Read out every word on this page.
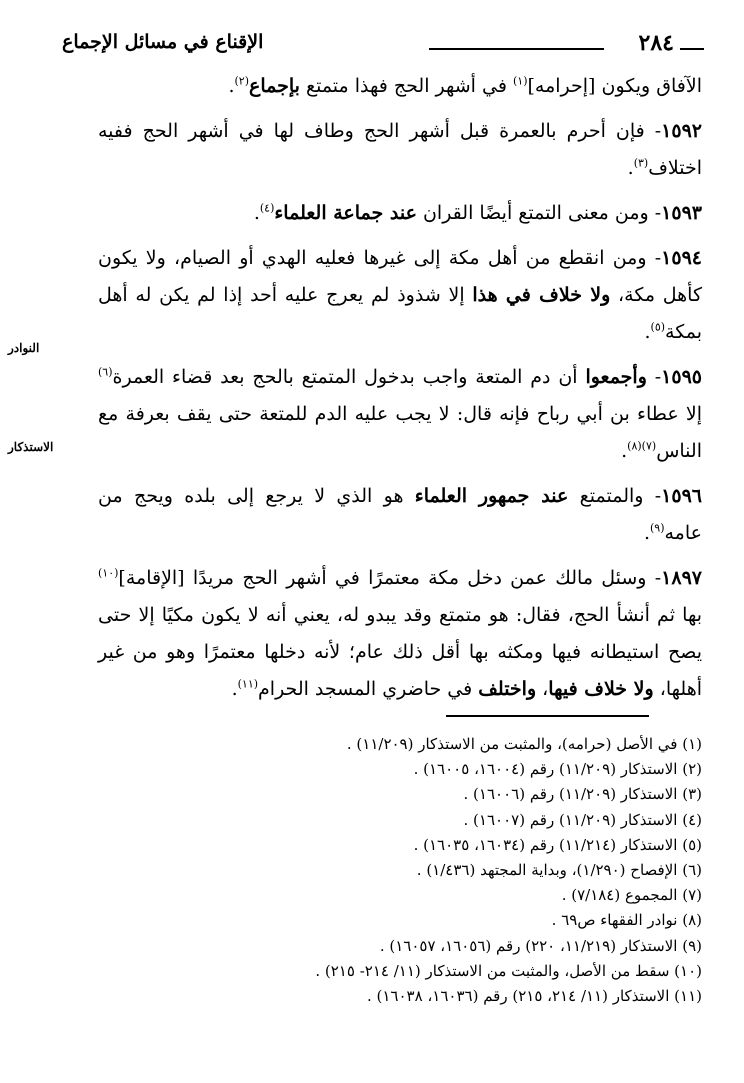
٢٨٤
الإقناع في مسائل الإجماع
النوادر
الاستذكار

الآفاق ويكون [إحرامه]$^{(١)}$ في أشهر الحج فهذا متمتع بإجماع$^{(٢)}$.

١٥٩٢- فإن أحرم بالعمرة قبل أشهر الحج وطاف لها في أشهر الحج ففيه اختلاف$^{(٣)}$.

١٥٩٣- ومن معنى التمتع أيضًا القران عند جماعة العلماء$^{(٤)}$.

١٥٩٤- ومن انقطع من أهل مكة إلى غيرها فعليه الهدي أو الصيام، ولا يكون كأهل مكة، ولا خلاف في هذا إلا شذوذ لم يعرج عليه أحد إذا لم يكن له أهل بمكة$^{(٥)}$.

١٥٩٥- وأجمعوا أن دم المتعة واجب بدخول المتمتع بالحج بعد قضاء العمرة$^{(٦)}$ إلا عطاء بن أبي رباح فإنه قال: لا يجب عليه الدم للمتعة حتى يقف بعرفة مع الناس$^{(٧)(٨)}$.

١٥٩٦- والمتمتع عند جمهور العلماء هو الذي لا يرجع إلى بلده ويحج من عامه$^{(٩)}$.

١٨٩٧- وسئل مالك عمن دخل مكة معتمرًا في أشهر الحج مريدًا [الإقامة]$^{(١٠)}$ بها ثم أنشأ الحج، فقال: هو متمتع وقد يبدو له، يعني أنه لا يكون مكيًا إلا حتى يصح استيطانه فيها ومكثه بها أقل ذلك عام؛ لأنه دخلها معتمرًا وهو من غير أهلها، ولا خلاف فيها، واختلف في حاضري المسجد الحرام$^{(١١)}$.

(١) في الأصل (حرامه)، والمثبت من الاستذكار (١١/٢٠٩) .
(٢) الاستذكار (١١/٢٠٩) رقم (١٦٠٠٤، ١٦٠٠٥) .
(٣) الاستذكار (١١/٢٠٩) رقم (١٦٠٠٦) .
(٤) الاستذكار (١١/٢٠٩) رقم (١٦٠٠٧) .
(٥) الاستذكار (١١/٢١٤) رقم (١٦٠٣٤، ١٦٠٣٥) .
(٦) الإفصاح (١/٢٩٠)، وبداية المجتهد (١/٤٣٦) .
(٧) المجموع (٧/١٨٤) .
(٨) نوادر الفقهاء ص٦٩ .
(٩) الاستذكار (١١/٢١٩، ٢٢٠) رقم (١٦٠٥٦، ١٦٠٥٧) .
(١٠) سقط من الأصل، والمثبت من الاستذكار (١١/ ٢١٤- ٢١٥) .
(١١) الاستذكار (١١/ ٢١٤، ٢١٥) رقم (١٦٠٣٦، ١٦٠٣٨) .
